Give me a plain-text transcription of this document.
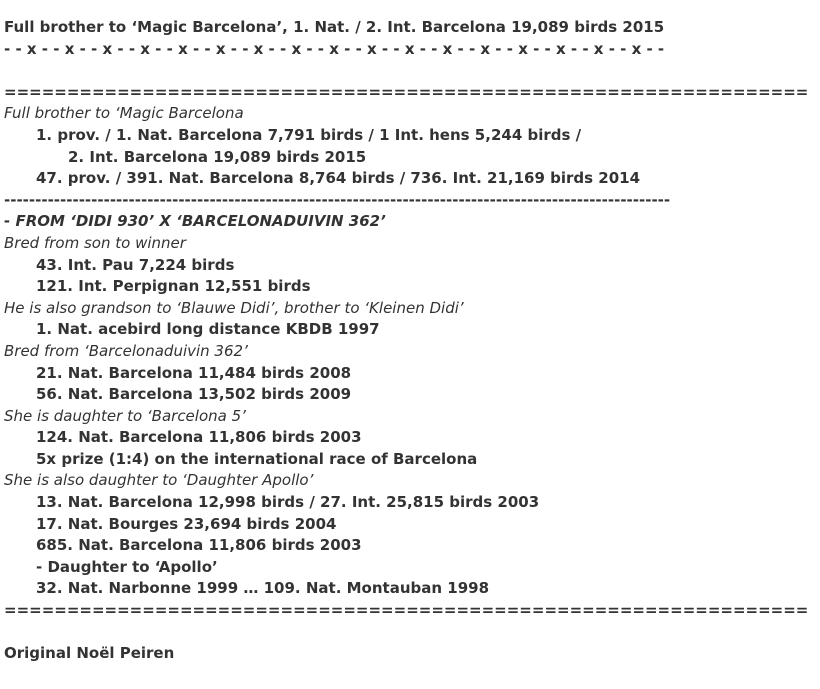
Full brother to ‘Magic Barcelona’, 1. Nat. / 2. Int. Barcelona 19,089 birds 2015
- - x - - x - - x - - x - - x - - x - - x - - x - - x - - x - - x - - x - - x - - x - - x - - x - - x - -
================================================================
Full brother to ‘Magic Barcelona
1. prov. / 1. Nat. Barcelona 7,791 birds / 1 Int. hens 5,244 birds /
2. Int. Barcelona 19,089 birds 2015
47. prov. / 391. Nat. Barcelona 8,764 birds / 736. Int. 21,169 birds 2014
-----------------------------------------------------------------------------------------------------------
- FROM ‘DIDI 930’ X ‘BARCELONADUIVIN 362’
Bred from son to winner
43. Int. Pau 7,224 birds
121. Int. Perpignan 12,551 birds
He is also grandson to ‘Blauwe Didi’, brother to ‘Kleinen Didi’
1. Nat. acebird long distance KBDB 1997
Bred from ‘Barcelonaduivin 362’
21. Nat. Barcelona 11,484 birds 2008
56. Nat. Barcelona 13,502 birds 2009
She is daughter to ‘Barcelona 5’
124. Nat. Barcelona 11,806 birds 2003
5x prize (1:4) on the international race of Barcelona
She is also daughter to ‘Daughter Apollo’
13. Nat. Barcelona 12,998 birds / 27. Int. 25,815 birds 2003
17. Nat. Bourges 23,694 birds 2004
685. Nat. Barcelona 11,806 birds 2003
- Daughter to ‘Apollo’
32. Nat. Narbonne 1999 … 109. Nat. Montauban 1998
================================================================
Original Noël Peiren
